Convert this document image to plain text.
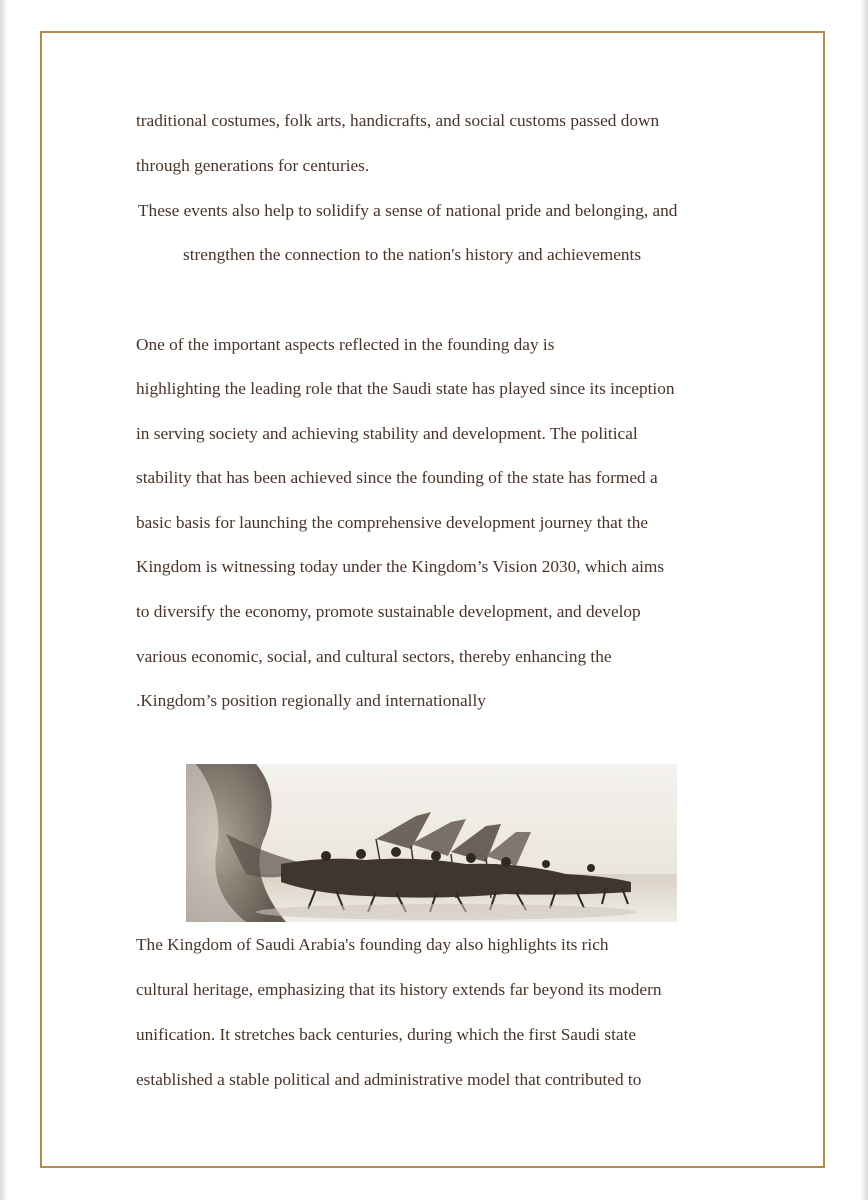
traditional costumes, folk arts, handicrafts, and social customs passed down

through generations for centuries.

These events also help to solidify a sense of national pride and belonging, and

strengthen the connection to the nation's history and achievements

One of the important aspects reflected in the founding day is

highlighting the leading role that the Saudi state has played since its inception

in serving society and achieving stability and development. The political

stability that has been achieved since the founding of the state has formed a

basic basis for launching the comprehensive development journey that the

Kingdom is witnessing today under the Kingdom’s Vision 2030, which aims

to diversify the economy, promote sustainable development, and develop

various economic, social, and cultural sectors, thereby enhancing the

.Kingdom’s position regionally and internationally

The Kingdom of Saudi Arabia's founding day also highlights its rich

cultural heritage, emphasizing that its history extends far beyond its modern

unification. It stretches back centuries, during which the first Saudi state

established a stable political and administrative model that contributed to
